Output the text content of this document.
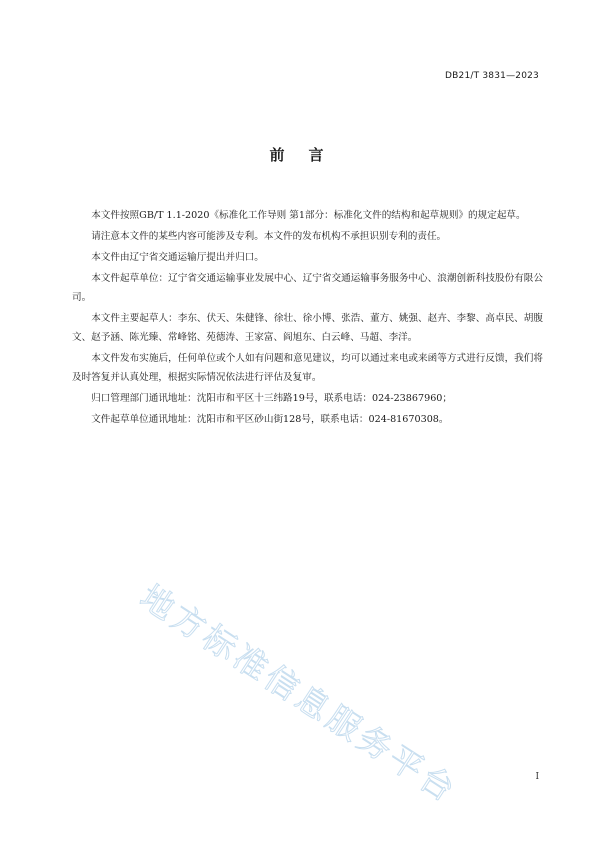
DB21/T 3831—2023
前 言

本文件按照GB/T 1.1-2020《标准化工作导则 第1部分：标准化文件的结构和起草规则》的规定起草。

请注意本文件的某些内容可能涉及专利。本文件的发布机构不承担识别专利的责任。

本文件由辽宁省交通运输厅提出并归口。

本文件起草单位：辽宁省交通运输事业发展中心、辽宁省交通运输事务服务中心、浪潮创新科技股份有限公司。

本文件主要起草人：李东、伏天、朱健锋、徐壮、徐小博、张浩、董方、姚强、赵卉、李黎、高卓民、胡腹文、赵予涵、陈光臻、常峰铭、苑德涛、王家富、阎旭东、白云峰、马超、李洋。

本文件发布实施后，任何单位或个人如有问题和意见建议，均可以通过来电或来函等方式进行反馈，我们将及时答复并认真处理，根据实际情况依法进行评估及复审。

归口管理部门通讯地址：沈阳市和平区十三纬路19号，联系电话：024-23867960；

文件起草单位通讯地址：沈阳市和平区砂山街128号，联系电话：024-81670308。

地方标准信息服务平台	I
